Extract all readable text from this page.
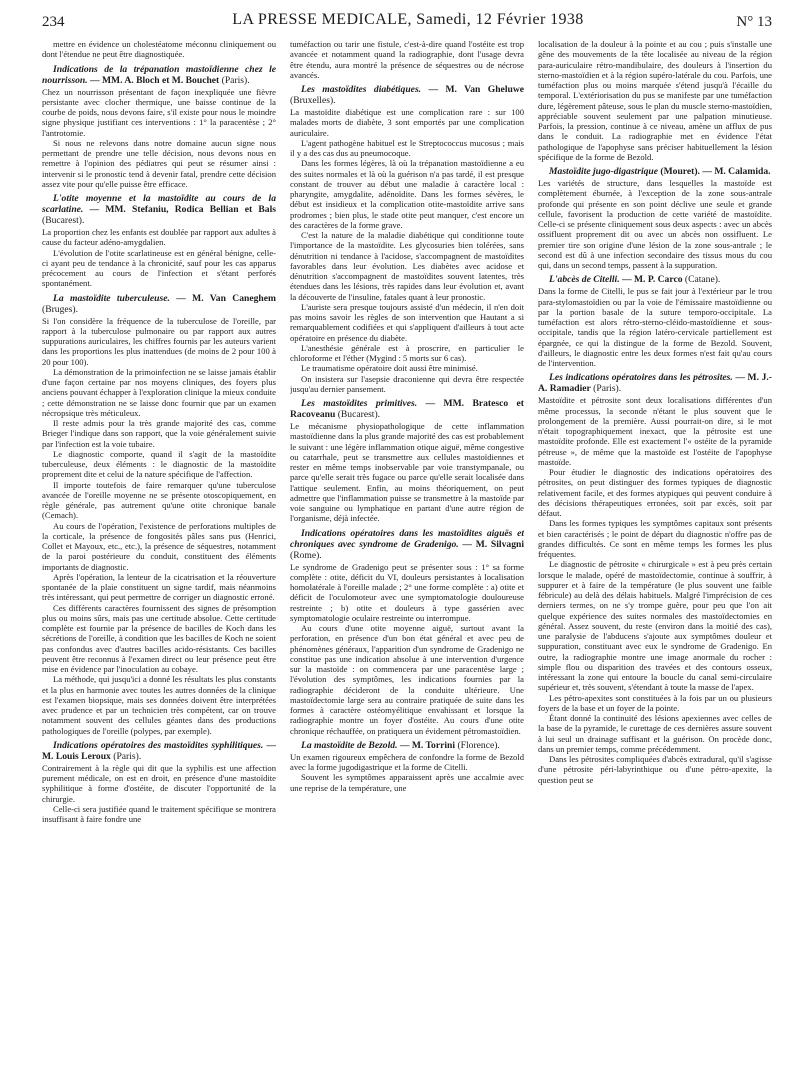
234	LA PRESSE MEDICALE, Samedi, 12 Février 1938	N° 13

mettre en évidence un cholestéatome méconnu cliniquement ou dont l'étendue ne peut être diagnostiquée.

Indications de la trépanation mastoïdienne chez le nourrisson. — MM. A. Bloch et M. Bouchet (Paris).

Chez un nourrisson présentant de façon inexpliquée une fièvre persistante avec clocher thermique, une baisse continue de la courbe de poids, nous devons faire, s'il existe pour nous le moindre signe physique justifiant ces interventions : 1° la paracentèse ; 2° l'antrotomie.

Si nous ne relevons dans notre domaine aucun signe nous permettant de prendre une telle décision, nous devons nous en remettre à l'opinion des pédiatres qui peut se résumer ainsi : intervenir si le pronostic tend à devenir fatal, prendre cette décision assez vite pour qu'elle puisse être efficace.

L'otite moyenne et la mastoïdite au cours de la scarlatine. — MM. Stefaniu, Rodica Bellian et Bals (Bucarest).

La proportion chez les enfants est doublée par rapport aux adultes à cause du facteur adéno-amygdalien.

L'évolution de l'otite scarlatineuse est en général bénigne, celle-ci ayant peu de tendance à la chronicité, sauf pour les cas apparus précocement au cours de l'infection et s'étant perforés spontanément.

La mastoïdite tuberculeuse. — M. Van Caneghem (Bruges).

Si l'on considère la fréquence de la tuberculose de l'oreille, par rapport à la tuberculose pulmonaire ou par rapport aux autres suppurations auriculaires, les chiffres fournis par les auteurs varient dans les proportions les plus inattendues (de moins de 2 pour 100 à 20 pour 100).

La démonstration de la primoinfection ne se laisse jamais établir d'une façon certaine par nos moyens cliniques, des foyers plus anciens pouvant échapper à l'exploration clinique la mieux conduite ; cette démonstration ne se laisse donc fournir que par un examen nécropsique très méticuleux.

Il reste admis pour la très grande majorité des cas, comme Brieger l'indique dans son rapport, que la voie généralement suivie par l'infection est la voie tubaire.

Le diagnostic comporte, quand il s'agit de la mastoïdite tuberculeuse, deux éléments : le diagnostic de la mastoïdite proprement dite et celui de la nature spécifique de l'affection.

Il importe toutefois de faire remarquer qu'une tuberculose avancée de l'oreille moyenne ne se présente otoscopiquement, en règle générale, pas autrement qu'une otite chronique banale (Cemach).

Au cours de l'opération, l'existence de perforations multiples de la corticale, la présence de fongosités pâles sans pus (Henrici, Collet et Mayoux, etc., etc.), la présence de séquestres, notamment de la paroi postérieure du conduit, constituent des éléments importants de diagnostic.

Après l'opération, la lenteur de la cicatrisation et la réouverture spontanée de la plaie constituent un signe tardif, mais néanmoins très intéressant, qui peut permettre de corriger un diagnostic erroné.

Ces différents caractères fournissent des signes de présomption plus ou moins sûrs, mais pas une certitude absolue. Cette certitude complète est fournie par la présence de bacilles de Koch dans les sécrétions de l'oreille, à condition que les bacilles de Koch ne soient pas confondus avec d'autres bacilles acido-résistants. Ces bacilles peuvent être reconnus à l'examen direct ou leur présence peut être mise en évidence par l'inoculation au cobaye.

La méthode, qui jusqu'ici a donné les résultats les plus constants et la plus en harmonie avec toutes les autres données de la clinique est l'examen biopsique, mais ses données doivent être interprétées avec prudence et par un technicien très compétent, car on trouve notamment souvent des cellules géantes dans des productions pathologiques de l'oreille (polypes, par exemple).

Indications opératoires des mastoïdites syphilitiques. — M. Louis Leroux (Paris).

Contrairement à la règle qui dit que la syphilis est une affection purement médicale, on est en droit, en présence d'une mastoïdite syphilitique à forme d'ostéite, de discuter l'opportunité de la chirurgie.

Celle-ci sera justifiée quand le traitement spécifique se montrera insuffisant à faire fondre une

tuméfaction ou tarir une fistule, c'est-à-dire quand l'ostéite est trop avancée et notamment quand la radiographie, dont l'usage devra être étendu, aura montré la présence de séquestres ou de nécrose avancés.

Les mastoïdites diabétiques. — M. Van Gheluwe (Bruxelles).

La mastoïdite diabétique est une complication rare : sur 100 malades morts de diabète, 3 sont emportés par une complication auriculaire.

L'agent pathogène habituel est le Streptococcus mucosus ; mais il y a des cas dus au pneumocoque.

Dans les formes légères, là où la trépanation mastoïdienne a eu des suites normales et là où la guérison n'a pas tardé, il est presque constant de trouver au début une maladie à caractère local : pharyngite, amygdalite, adénoïdite. Dans les formes sévères, le début est insidieux et la complication otite-mastoïdite arrive sans prodromes ; bien plus, le stade otite peut manquer, c'est encore un des caractères de la forme grave.

C'est la nature de la maladie diabétique qui conditionne toute l'importance de la mastoïdite. Les glycosuries bien tolérées, sans dénutrition ni tendance à l'acidose, s'accompagnent de mastoïdites favorables dans leur évolution. Les diabètes avec acidose et dénutrition s'accompagnent de mastoïdites souvent latentes, très étendues dans les lésions, très rapides dans leur évolution et, avant la découverte de l'insuline, fatales quant à leur pronostic.

L'auriste sera presque toujours assisté d'un médecin, il n'en doit pas moins savoir les règles de son intervention que Hautant a si remarquablement codifiées et qui s'appliquent d'ailleurs à tout acte opératoire en présence du diabète.

L'anesthésie générale est à proscrire, en particulier le chloroforme et l'éther (Mygind : 5 morts sur 6 cas).

Le traumatisme opératoire doit aussi être minimisé.

On insistera sur l'asepsie draconienne qui devra être respectée jusqu'au dernier pansement.

Les mastoïdites primitives. — MM. Bratesco et Racoveanu (Bucarest).

Le mécanisme physiopathologique de cette inflammation mastoïdienne dans la plus grande majorité des cas est probablement le suivant : une légère inflammation otique aiguë, même congestive ou catarrhale, peut se transmettre aux cellules mastoïdiennes et rester en même temps inobservable par voie transtympanale, ou parce qu'elle serait très fugace ou parce qu'elle serait localisée dans l'attique seulement. Enfin, au moins théoriquement, on peut admettre que l'inflammation puisse se transmettre à la mastoïde par voie sanguine ou lymphatique en partant d'une autre région de l'organisme, déjà infectée.

Indications opératoires dans les mastoïdites aiguës et chroniques avec syndrome de Gradenigo. — M. Silvagni (Rome).

Le syndrome de Gradenigo peut se présenter sous : 1° sa forme complète : otite, déficit du VI, douleurs persistantes à localisation homolatérale à l'oreille malade ; 2° une forme complète : a) otite et déficit de l'oculomoteur avec une symptomatologie douloureuse restreinte ; b) otite et douleurs à type gassérien avec symptomatologie oculaire restreinte ou interrompue.

Au cours d'une otite moyenne aiguë, surtout avant la perforation, en présence d'un bon état général et avec peu de phénomènes généraux, l'apparition d'un syndrome de Gradenigo ne constitue pas une indication absolue à une intervention d'urgence sur la mastoïde : on commencera par une paracentèse large ; l'évolution des symptômes, les indications fournies par la radiographie décideront de la conduite ultérieure. Une mastoïdectomie large sera au contraire pratiquée de suite dans les formes à caractère ostéomyélitique envahissant et lorsque la radiographie montre un foyer d'ostéite. Au cours d'une otite chronique réchauffée, on pratiquera un évidement pétromastoïdien.

La mastoïdite de Bezold. — M. Torrini (Florence).

Un examen rigoureux empêchera de confondre la forme de Bezold avec la forme jugodigastrique et la forme de Citelli.

Souvent les symptômes apparaissent après une accalmie avec une reprise de la température, une

localisation de la douleur à la pointe et au cou ; puis s'installe une gêne des mouvements de la tête localisée au niveau de la région para-auriculaire rétro-mandibulaire, des douleurs à l'insertion du sterno-mastoïdien et à la région supéro-latérale du cou. Parfois, une tuméfaction plus ou moins marquée s'étend jusqu'à l'écaille du temporal. L'extériorisation du pus se manifeste par une tuméfaction dure, légèrement pâteuse, sous le plan du muscle sterno-mastoïdien, appréciable souvent seulement par une palpation minutieuse. Parfois, la pression, continue à ce niveau, amène un afflux de pus dans le conduit. La radiographie met en évidence l'état pathologique de l'apophyse sans préciser habituellement la lésion spécifique de la forme de Bezold.

Mastoïdite jugo-digastrique (Mouret). — M. Calamida.

Les variétés de structure, dans lesquelles la mastoïde est complètement éburnée, à l'exception de la zone sous-antrale profonde qui présente en son point déclive une seule et grande cellule, favorisent la production de cette variété de mastoïdite. Celle-ci se présente cliniquement sous deux aspects : avec un abcès ossifluent proprement dit ou avec un abcès non ossifluent. Le premier tire son origine d'une lésion de la zone sous-antrale ; le second est dû à une infection secondaire des tissus mous du cou qui, dans un second temps, passent à la suppuration.

L'abcès de Citelli. — M. P. Carco (Catane).

Dans la forme de Citelli, le pus se fait jour à l'extérieur par le trou para-stylomastoïdien ou par la voie de l'émissaire mastoïdienne ou par la portion basale de la suture temporo-occipitale. La tuméfaction est alors rétro-sterno-cléido-mastoïdienne et sous-occipitale, tandis que la région latéro-cervicale partiellement est épargnée, ce qui la distingue de la forme de Bezold. Souvent, d'ailleurs, le diagnostic entre les deux formes n'est fait qu'au cours de l'intervention.

Les indications opératoires dans les pétrosites. — M. J.-A. Ramadier (Paris).

Mastoïdite et pétrosite sont deux localisations différentes d'un même processus, la seconde n'étant le plus souvent que le prolongement de la première. Aussi pourrait-on dire, si le mot n'était topographiquement inexact, que la pétrosite est une mastoïdite profonde. Elle est exactement l'« ostéite de la pyramide pétreuse », de même que la mastoïde est l'ostéite de l'apophyse mastoïde.

Pour étudier le diagnostic des indications opératoires des pétrosites, on peut distinguer des formes typiques de diagnostic relativement facile, et des formes atypiques qui peuvent conduire à des décisions thérapeutiques erronées, soit par excès, soit par défaut.

Dans les formes typiques les symptômes capitaux sont présents et bien caractérisés ; le point de départ du diagnostic n'offre pas de grandes difficultés. Ce sont en même temps les formes les plus fréquentes.

Le diagnostic de pétrosite « chirurgicale » est à peu près certain lorsque le malade, opéré de mastoïdectomie, continue à souffrir, à suppurer et à faire de la température (le plus souvent une faible fébricule) au delà des délais habituels. Malgré l'imprécision de ces derniers termes, on ne s'y trompe guère, pour peu que l'on ait quelque expérience des suites normales des mastoïdectomies en général. Assez souvent, du reste (environ dans la moitié des cas), une paralysie de l'abducens s'ajoute aux symptômes douleur et suppuration, constituant avec eux le syndrome de Gradenigo. En outre, la radiographie montre une image anormale du rocher : simple flou ou disparition des travées et des contours osseux, intéressant la zone qui entoure la boucle du canal semi-circulaire supérieur et, très souvent, s'étendant à toute la masse de l'apex.

Les pétro-apexites sont constituées à la fois par un ou plusieurs foyers de la base et un foyer de la pointe.

Étant donné la continuité des lésions apexiennes avec celles de la base de la pyramide, le curettage de ces dernières assure souvent à lui seul un drainage suffisant et la guérison. On procède donc, dans un premier temps, comme précédemment.

Dans les pétrosites compliquées d'abcès extradural, qu'il s'agisse d'une pétrosite péri-labyrinthique ou d'une pétro-apexite, la question peut se
